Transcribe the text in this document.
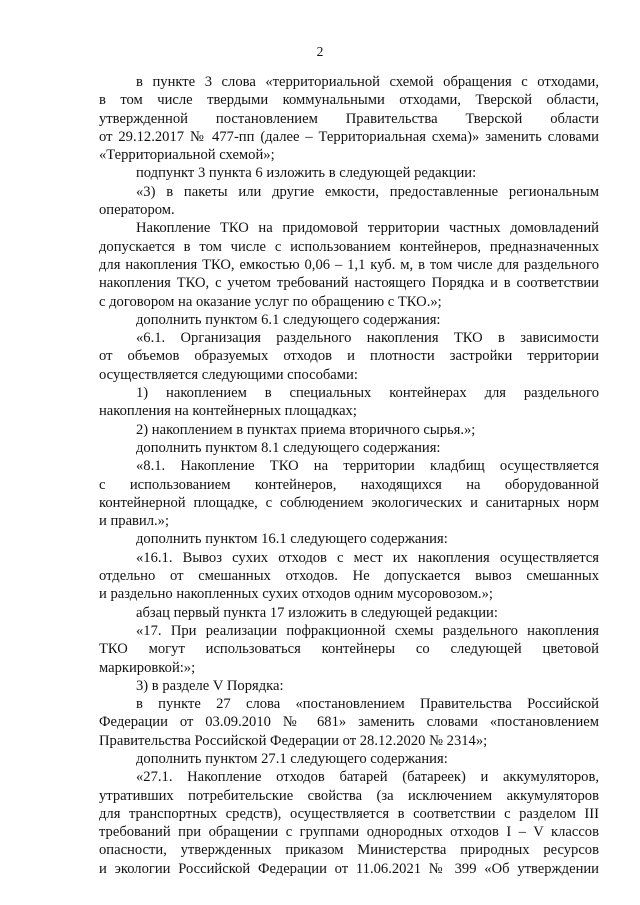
2
в пункте 3 слова «территориальной схемой обращения с отходами,
в том числе твердыми коммунальными отходами, Тверской области,
утвержденной постановлением Правительства Тверской области
от 29.12.2017 № 477-пп (далее – Территориальная схема)» заменить словами
«Территориальной схемой»;
подпункт 3 пункта 6 изложить в следующей редакции:
«3) в пакеты или другие емкости, предоставленные региональным
оператором.
Накопление ТКО на придомовой территории частных домовладений
допускается в том числе с использованием контейнеров, предназначенных
для накопления ТКО, емкостью 0,06 – 1,1 куб. м, в том числе для раздельного
накопления ТКО, с учетом требований настоящего Порядка и в соответствии
с договором на оказание услуг по обращению с ТКО.»;
дополнить пунктом 6.1 следующего содержания:
«6.1. Организация раздельного накопления ТКО в зависимости
от объемов образуемых отходов и плотности застройки территории
осуществляется следующими способами:
1) накоплением в специальных контейнерах для раздельного
накопления на контейнерных площадках;
2) накоплением в пунктах приема вторичного сырья.»;
дополнить пунктом 8.1 следующего содержания:
«8.1. Накопление ТКО на территории кладбищ осуществляется
с использованием контейнеров, находящихся на оборудованной
контейнерной площадке, с соблюдением экологических и санитарных норм
и правил.»;
дополнить пунктом 16.1 следующего содержания:
«16.1. Вывоз сухих отходов с мест их накопления осуществляется
отдельно от смешанных отходов. Не допускается вывоз смешанных
и раздельно накопленных сухих отходов одним мусоровозом.»;
абзац первый пункта 17 изложить в следующей редакции:
«17. При реализации пофракционной схемы раздельного накопления
ТКО могут использоваться контейнеры со следующей цветовой
маркировкой:»;
3) в разделе V Порядка:
в пункте 27 слова «постановлением Правительства Российской
Федерации от 03.09.2010 № 681» заменить словами «постановлением
Правительства Российской Федерации от 28.12.2020 № 2314»;
дополнить пунктом 27.1 следующего содержания:
«27.1. Накопление отходов батарей (батареек) и аккумуляторов,
утративших потребительские свойства (за исключением аккумуляторов
для транспортных средств), осуществляется в соответствии с разделом III
требований при обращении с группами однородных отходов I – V классов
опасности, утвержденных приказом Министерства природных ресурсов
и экологии Российской Федерации от 11.06.2021 № 399 «Об утверждении
